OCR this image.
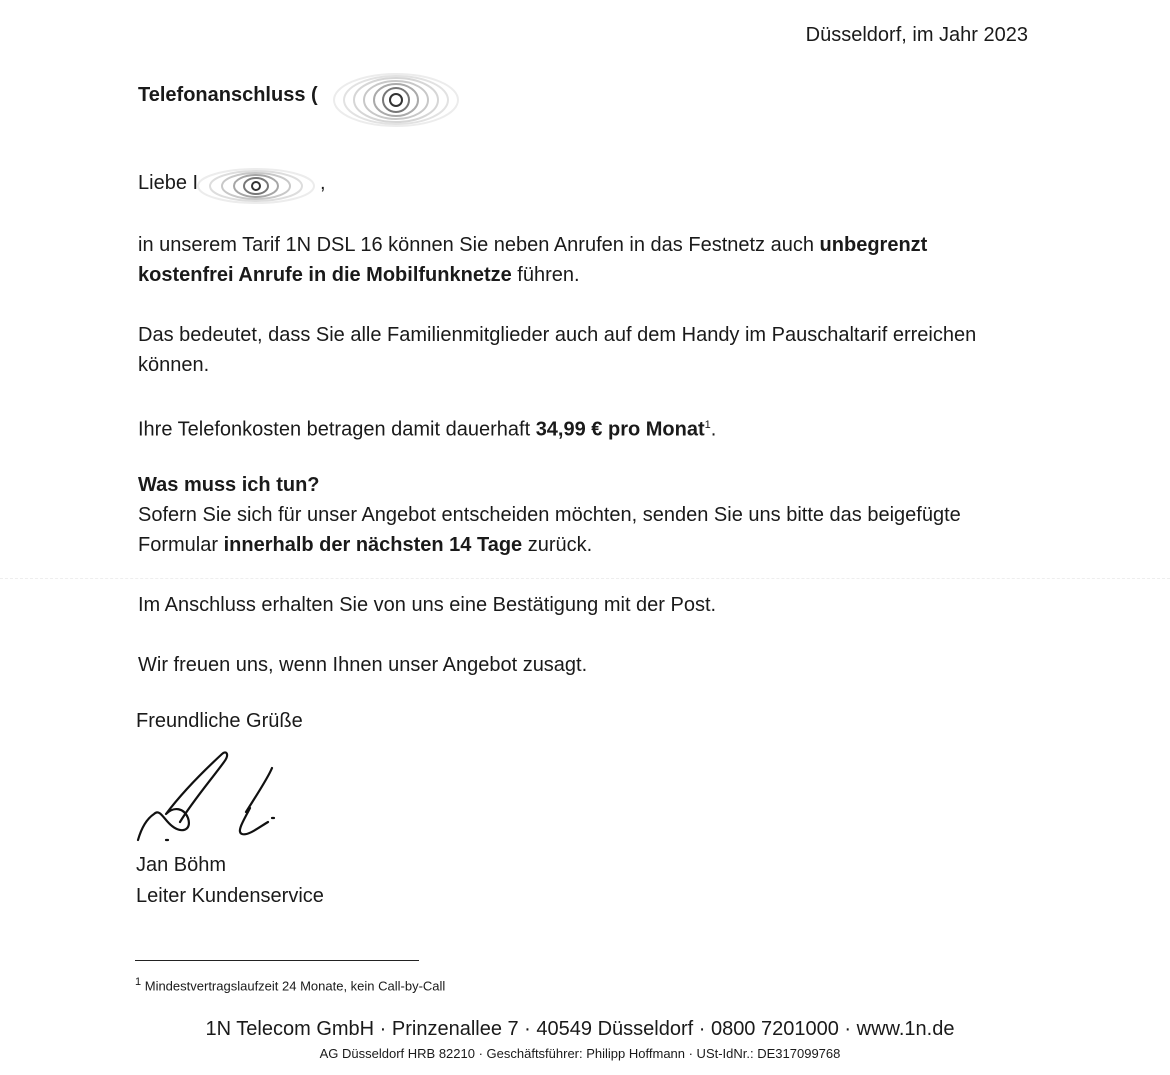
Düsseldorf, im Jahr 2023
Telefonanschluss (
Liebe I	,
in unserem Tarif 1N DSL 16 können Sie neben Anrufen in das Festnetz auch unbegrenzt kostenfrei Anrufe in die Mobilfunknetze führen.
Das bedeutet, dass Sie alle Familienmitglieder auch auf dem Handy im Pauschaltarif erreichen können.
Ihre Telefonkosten betragen damit dauerhaft 34,99 € pro Monat$^1$.
Was muss ich tun?
Sofern Sie sich für unser Angebot entscheiden möchten, senden Sie uns bitte das beigefügte Formular innerhalb der nächsten 14 Tage zurück.
Im Anschluss erhalten Sie von uns eine Bestätigung mit der Post.
Wir freuen uns, wenn Ihnen unser Angebot zusagt.
Freundliche Grüße
Jan Böhm
Leiter Kundenservice
$^1$ Mindestvertragslaufzeit 24 Monate, kein Call-by-Call
1N Telecom GmbH · Prinzenallee 7 · 40549 Düsseldorf · 0800 7201000 · www.1n.de
AG Düsseldorf HRB 82210 · Geschäftsführer: Philipp Hoffmann · USt-IdNr.: DE317099768
